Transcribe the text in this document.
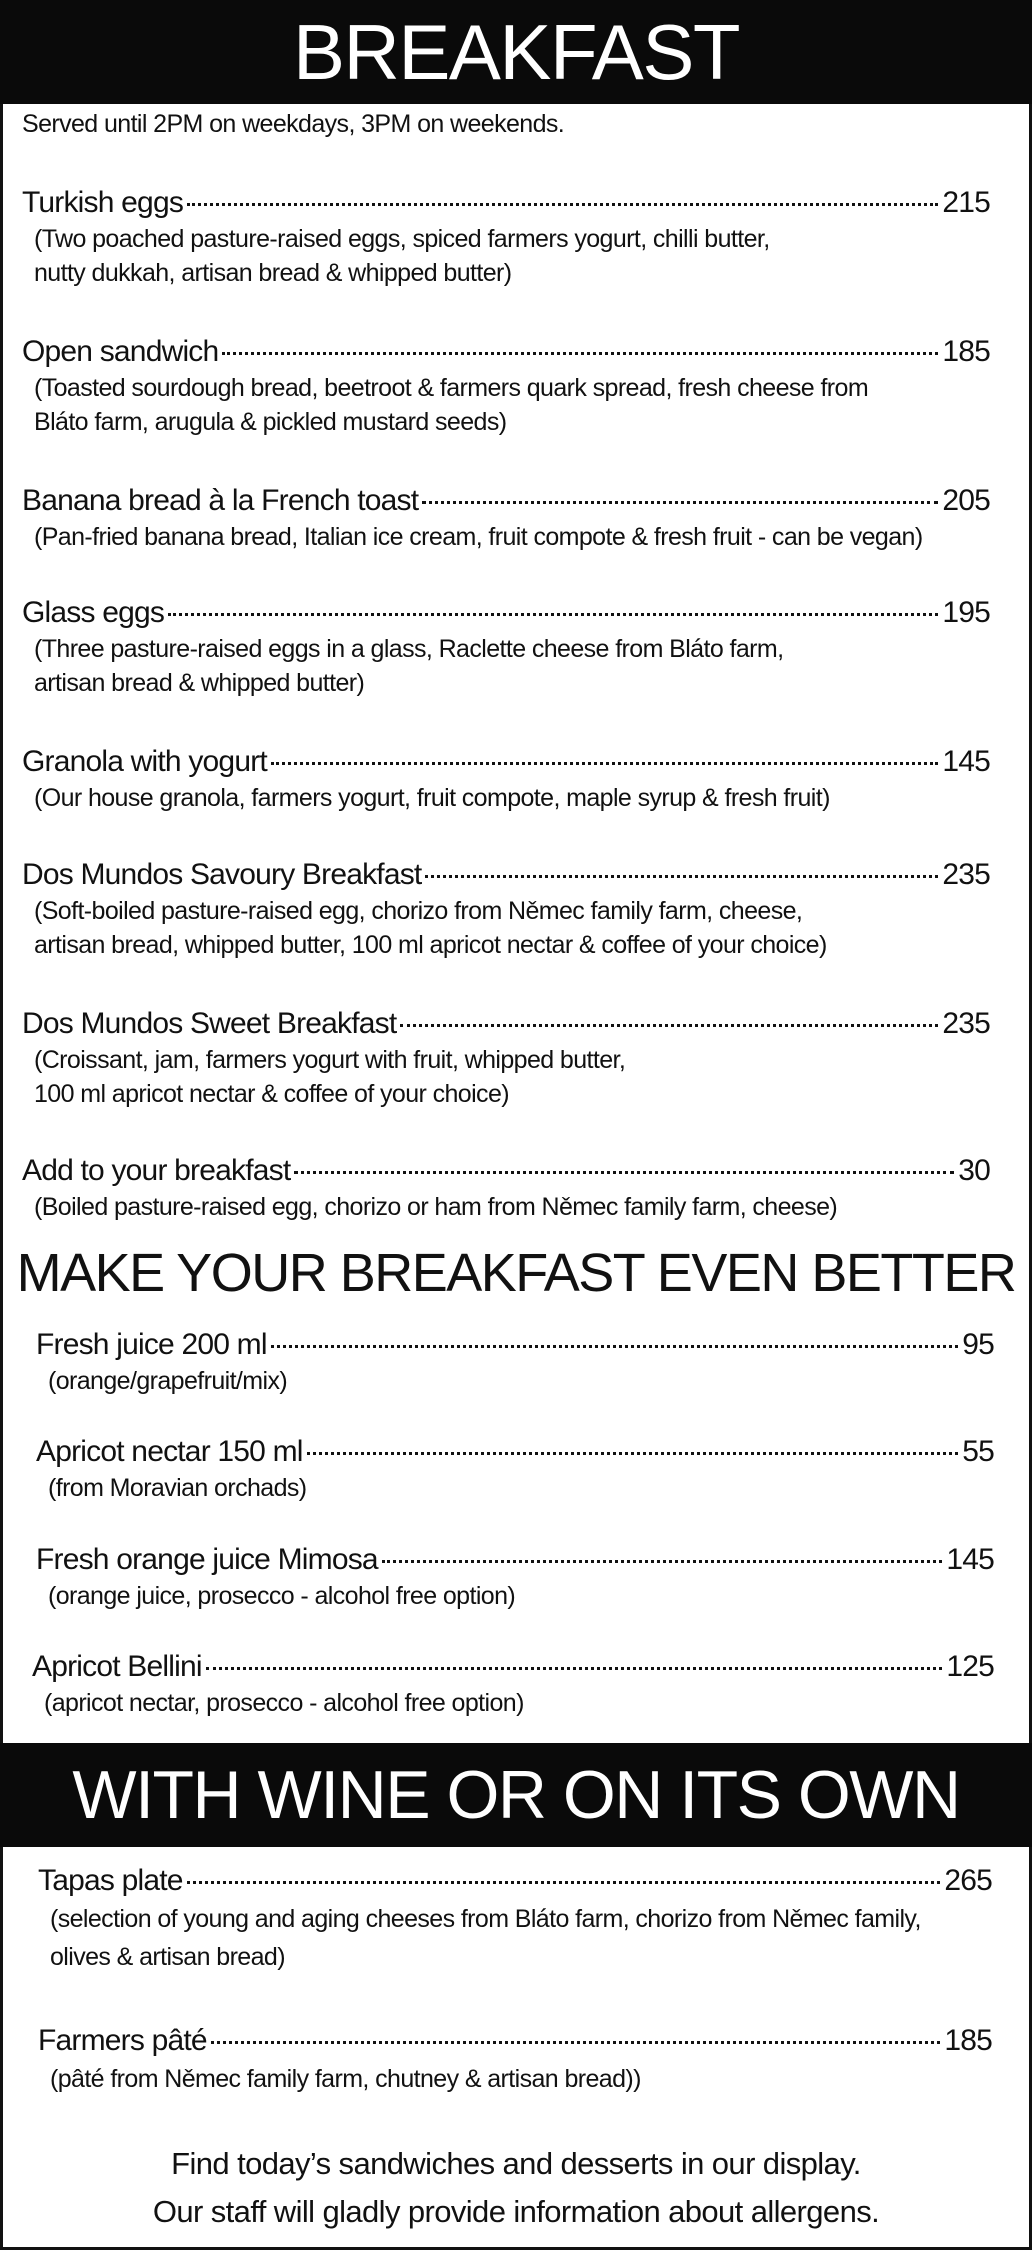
BREAKFAST
Served until 2PM on weekdays, 3PM on weekends.
Turkish eggs	215
(Two poached pasture-raised eggs, spiced farmers yogurt, chilli butter,
nutty dukkah, artisan bread & whipped butter)
Open sandwich	185
(Toasted sourdough bread, beetroot & farmers quark spread, fresh cheese from
Bláto farm, arugula & pickled mustard seeds)
Banana bread à la French toast	205
(Pan-fried banana bread, Italian ice cream, fruit compote & fresh fruit - can be vegan)
Glass eggs	195
(Three pasture-raised eggs in a glass, Raclette cheese from Bláto farm,
artisan bread & whipped butter)
Granola with yogurt	145
(Our house granola, farmers yogurt, fruit compote, maple syrup & fresh fruit)
Dos Mundos Savoury Breakfast	235
(Soft-boiled pasture-raised egg, chorizo from Němec family farm, cheese,
artisan bread, whipped butter, 100 ml apricot nectar & coffee of your choice)
Dos Mundos Sweet Breakfast	235
(Croissant, jam, farmers yogurt with fruit, whipped butter,
100 ml apricot nectar & coffee of your choice)
Add to your breakfast	30
(Boiled pasture-raised egg, chorizo or ham from Němec family farm, cheese)
MAKE YOUR BREAKFAST EVEN BETTER
Fresh juice 200 ml	95
(orange/grapefruit/mix)
Apricot nectar 150 ml	55
(from Moravian orchads)
Fresh orange juice Mimosa	145
(orange juice, prosecco - alcohol free option)
Apricot Bellini	125
(apricot nectar, prosecco - alcohol free option)
WITH WINE OR ON ITS OWN
Tapas plate	265
(selection of young and aging cheeses from Bláto farm, chorizo from Němec family,
olives & artisan bread)
Farmers pâté	185
(pâté from Němec family farm, chutney & artisan bread))
Find today’s sandwiches and desserts in our display.
Our staff will gladly provide information about allergens.
